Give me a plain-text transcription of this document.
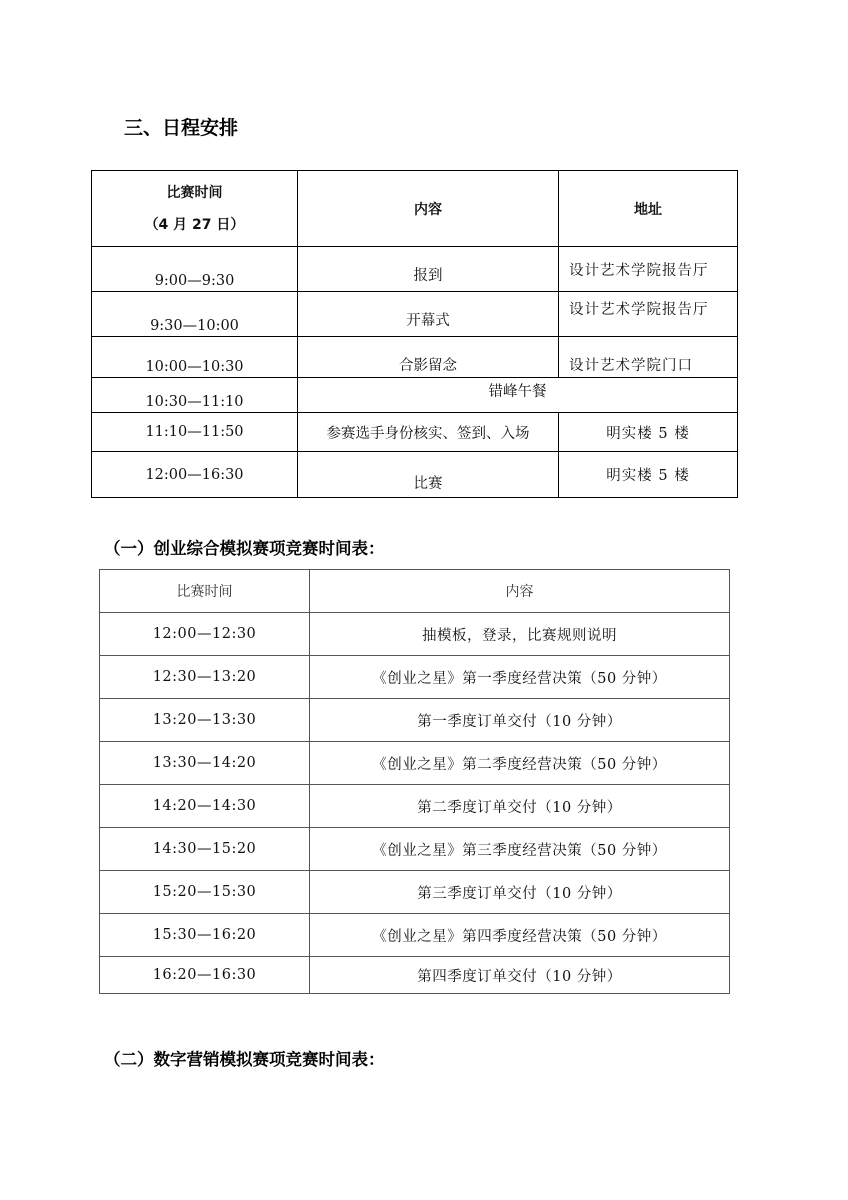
三、日程安排
比赛时间
（4 月 27 日）	内容	地址
9:00—9:30	报到	设计艺术学院报告厅
9:30—10:00	开幕式	设计艺术学院报告厅
10:00—10:30	合影留念	设计艺术学院门口
10:30—11:10	错峰午餐	
11:10—11:50	参赛选手身份核实、签到、入场	明实楼 5 楼
12:00—16:30	比赛	明实楼 5 楼
（一）创业综合模拟赛项竞赛时间表：
比赛时间	内容
12:00—12:30	抽模板，登录，比赛规则说明
12:30—13:20	《创业之星》第一季度经营决策（50 分钟）
13:20—13:30	第一季度订单交付（10 分钟）
13:30—14:20	《创业之星》第二季度经营决策（50 分钟）
14:20—14:30	第二季度订单交付（10 分钟）
14:30—15:20	《创业之星》第三季度经营决策（50 分钟）
15:20—15:30	第三季度订单交付（10 分钟）
15:30—16:20	《创业之星》第四季度经营决策（50 分钟）
16:20—16:30	第四季度订单交付（10 分钟）
（二）数字营销模拟赛项竞赛时间表：
